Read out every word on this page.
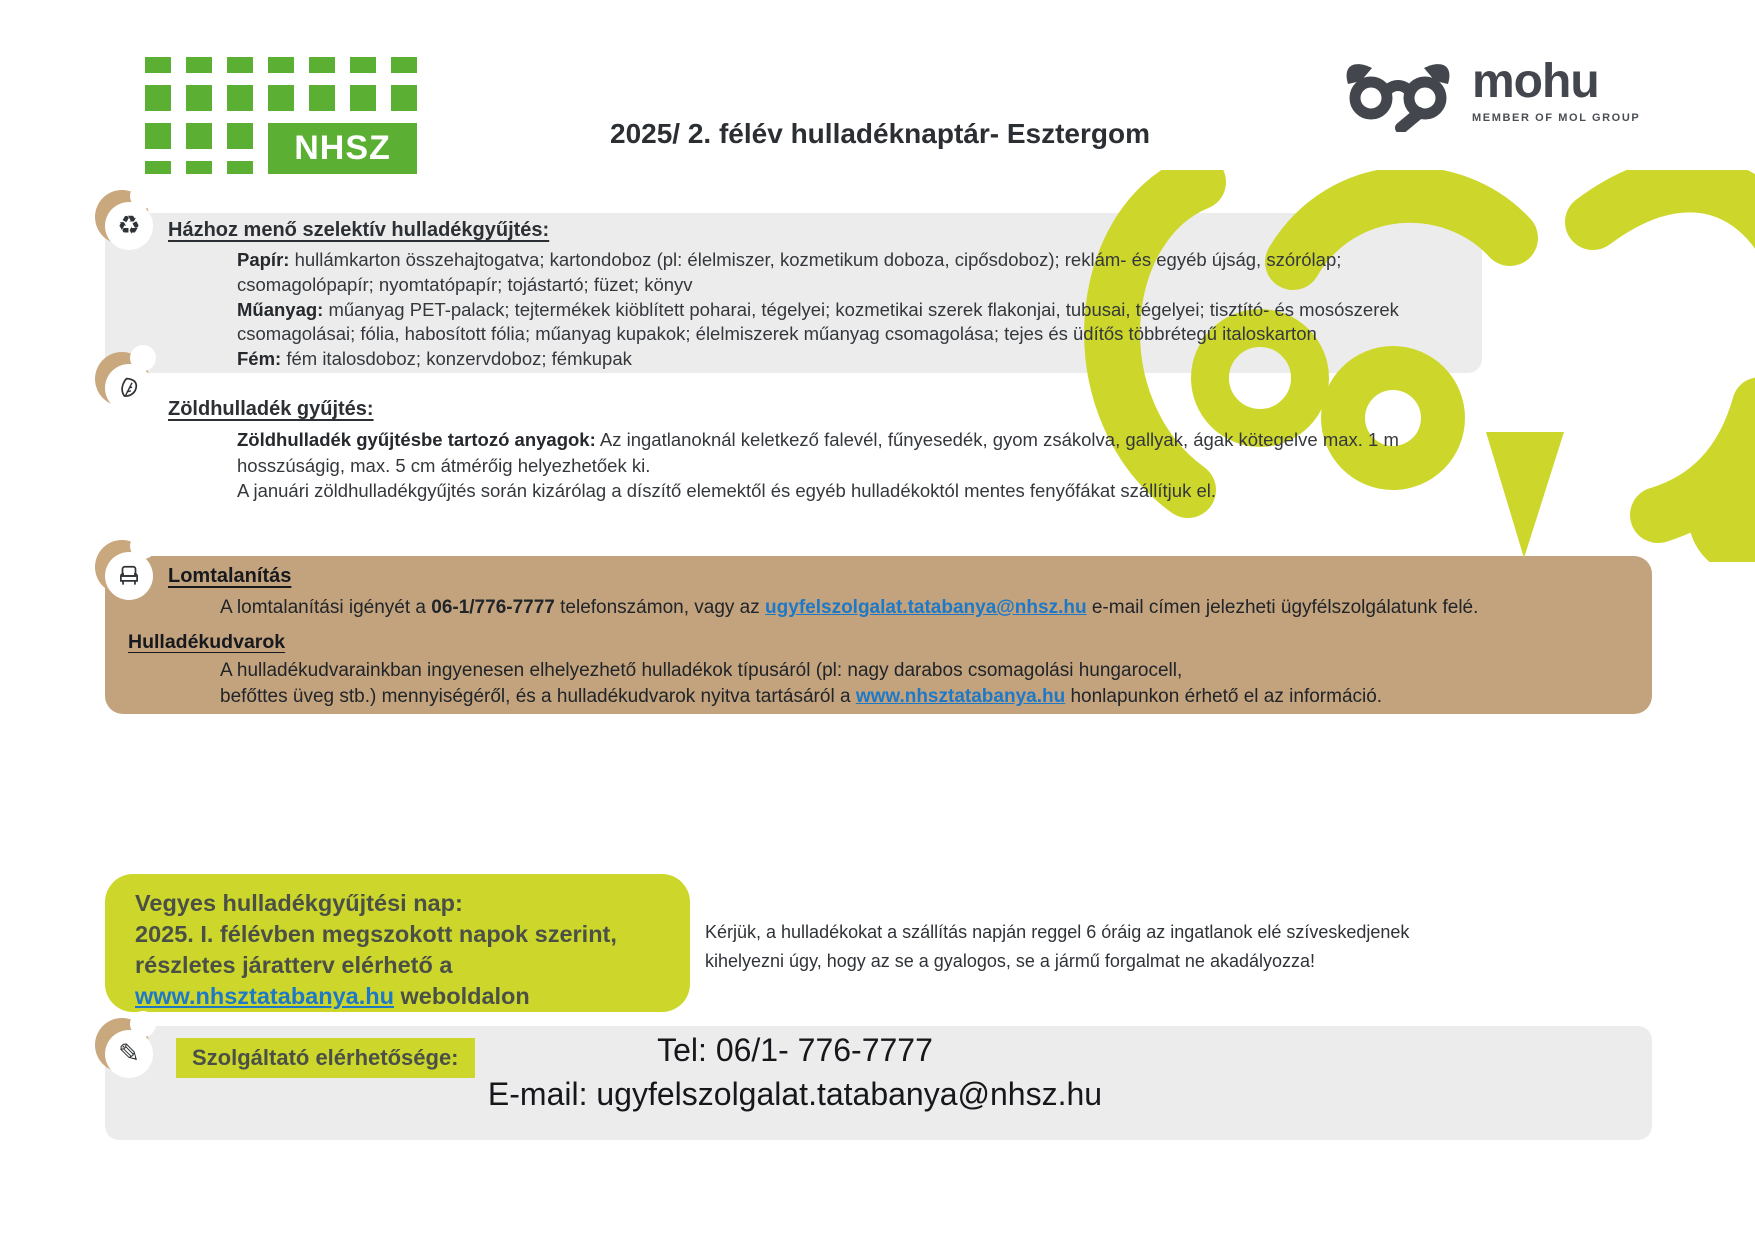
NHSZ	2025/ 2. félév hulladéknaptár- Esztergom
mohu
MEMBER OF MOL GROUP
♻ Házhoz menő szelektív hulladékgyűjtés:
Papír: hullámkarton összehajtogatva; kartondoboz (pl: élelmiszer, kozmetikum doboza, cipősdoboz); reklám- és egyéb újság, szórólap;
csomagolópapír; nyomtatópapír; tojástartó; füzet; könyv
Műanyag: műanyag PET-palack; tejtermékek kiöblített poharai, tégelyei; kozmetikai szerek flakonjai, tubusai, tégelyei; tisztító- és mosószerek
csomagolásai; fólia, habosított fólia; műanyag kupakok; élelmiszerek műanyag csomagolása; tejes és üdítős többrétegű italoskarton
Fém: fém italosdoboz; konzervdoboz; fémkupak
Zöldhulladék gyűjtés:
Zöldhulladék gyűjtésbe tartozó anyagok: Az ingatlanoknál keletkező falevél, fűnyesedék, gyom zsákolva, gallyak, ágak kötegelve max. 1 m
hosszúságig, max. 5 cm átmérőig helyezhetőek ki.
A januári zöldhulladékgyűjtés során kizárólag a díszítő elemektől és egyéb hulladékoktól mentes fenyőfákat szállítjuk el.
Lomtalanítás
A lomtalanítási igényét a 06-1/776-7777 telefonszámon, vagy az ugyfelszolgalat.tatabanya@nhsz.hu e-mail címen jelezheti ügyfélszolgálatunk felé.
Hulladékudvarok
A hulladékudvarainkban ingyenesen elhelyezhető hulladékok típusáról (pl: nagy darabos csomagolási hungarocell,
befőttes üveg stb.) mennyiségéről, és a hulladékudvarok nyitva tartásáról a www.nhsztatabanya.hu honlapunkon érhető el az információ.
Vegyes hulladékgyűjtési nap:
2025. I. félévben megszokott napok szerint,
részletes járatterv elérhető a
www.nhsztatabanya.hu weboldalon
Kérjük, a hulladékokat a szállítás napján reggel 6 óráig az ingatlanok elé szíveskedjenek
kihelyezni úgy, hogy az se a gyalogos, se a jármű forgalmat ne akadályozza!
✎	Szolgáltató elérhetősége:	Tel: 06/1- 776-7777
E-mail: ugyfelszolgalat.tatabanya@nhsz.hu
